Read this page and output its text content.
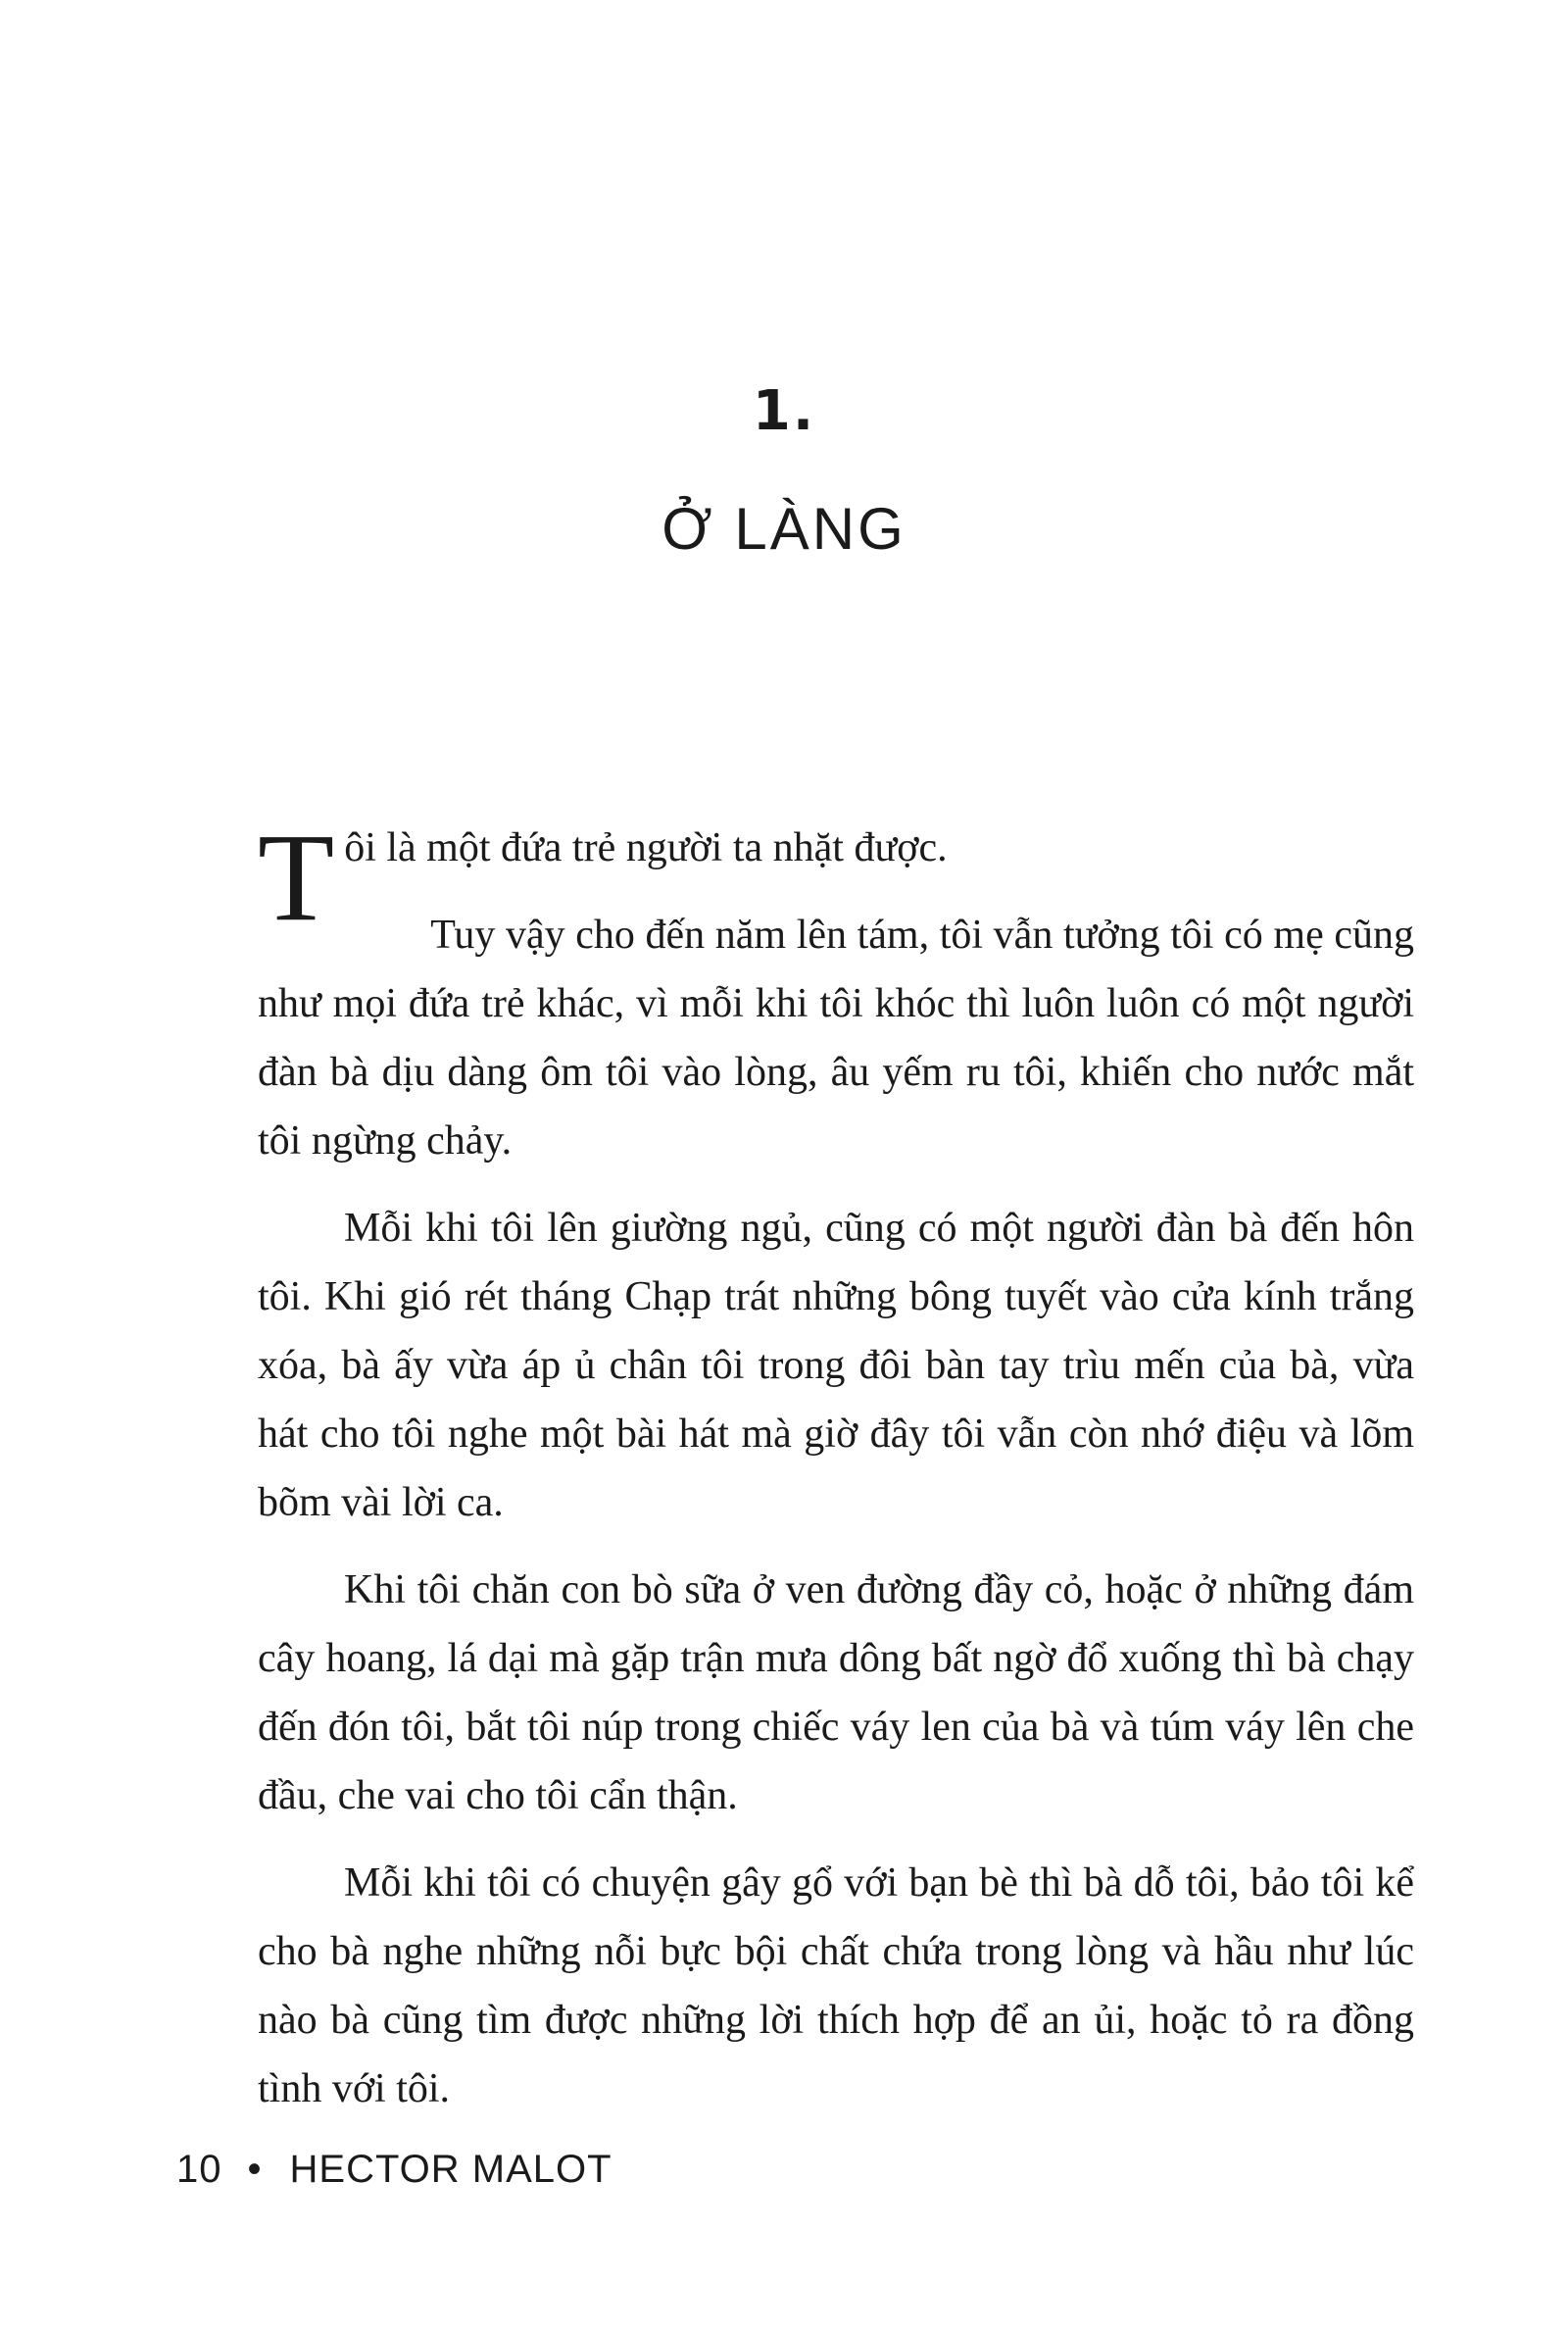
1.
Ở LÀNG

Tôi là một đứa trẻ người ta nhặt được.

Tuy vậy cho đến năm lên tám, tôi vẫn tưởng tôi có mẹ cũng như mọi đứa trẻ khác, vì mỗi khi tôi khóc thì luôn luôn có một người đàn bà dịu dàng ôm tôi vào lòng, âu yếm ru tôi, khiến cho nước mắt tôi ngừng chảy.

Mỗi khi tôi lên giường ngủ, cũng có một người đàn bà đến hôn tôi. Khi gió rét tháng Chạp trát những bông tuyết vào cửa kính trắng xóa, bà ấy vừa áp ủ chân tôi trong đôi bàn tay trìu mến của bà, vừa hát cho tôi nghe một bài hát mà giờ đây tôi vẫn còn nhớ điệu và lõm bõm vài lời ca.

Khi tôi chăn con bò sữa ở ven đường đầy cỏ, hoặc ở những đám cây hoang, lá dại mà gặp trận mưa dông bất ngờ đổ xuống thì bà chạy đến đón tôi, bắt tôi núp trong chiếc váy len của bà và túm váy lên che đầu, che vai cho tôi cẩn thận.

Mỗi khi tôi có chuyện gây gổ với bạn bè thì bà dỗ tôi, bảo tôi kể cho bà nghe những nỗi bực bội chất chứa trong lòng và hầu như lúc nào bà cũng tìm được những lời thích hợp để an ủi, hoặc tỏ ra đồng tình với tôi.

10 • HECTOR MALOT
